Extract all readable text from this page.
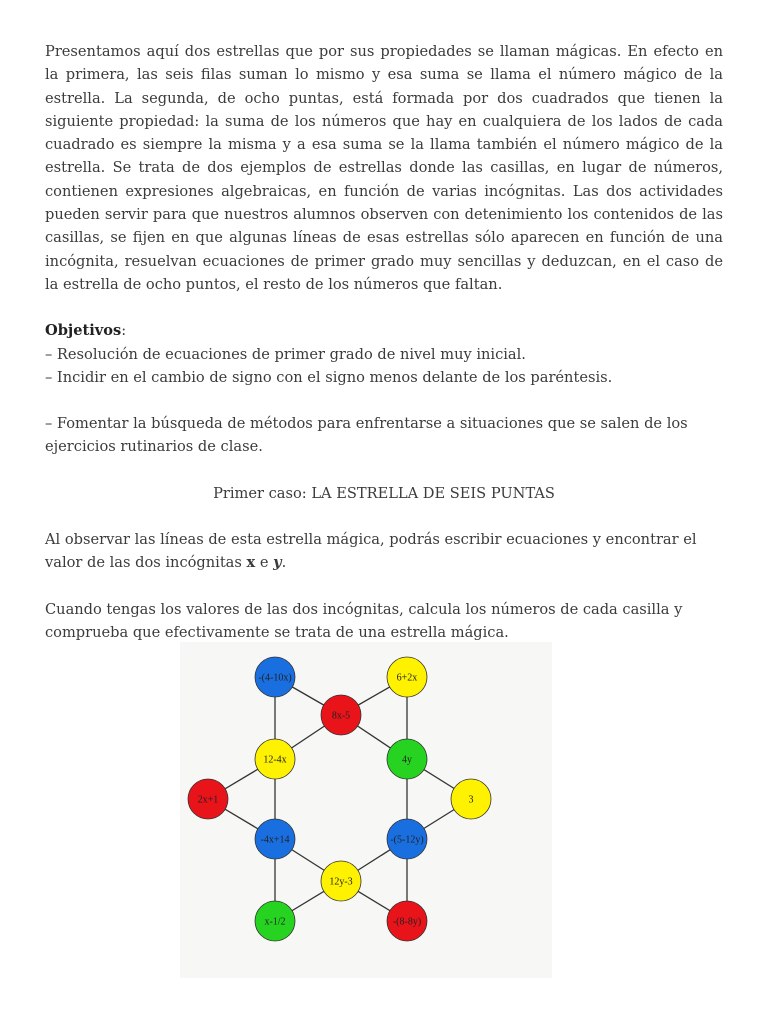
Presentamos aquí dos estrellas que por sus propiedades se llaman mágicas. En efecto en la primera, las seis filas suman lo mismo y esa suma se llama el número mágico de la estrella. La segunda, de ocho puntas, está formada por dos cuadrados que tienen la siguiente propiedad: la suma de los números que hay en cualquiera de los lados de cada cuadrado es siempre la misma y a esa suma se la llama también el número mágico de la estrella. Se trata de dos ejemplos de estrellas donde las casillas, en lugar de números, contienen expresiones algebraicas, en función de varias incógnitas. Las dos actividades pueden servir para que nuestros alumnos observen con detenimiento los contenidos de las casillas, se fijen en que algunas líneas de esas estrellas sólo aparecen en función de una incógnita, resuelvan ecuaciones de primer grado muy sencillas y deduzcan, en el caso de la estrella de ocho puntos, el resto de los números que faltan.

Objetivos:

– Resolución de ecuaciones de primer grado de nivel muy inicial.

– Incidir en el cambio de signo con el signo menos delante de los paréntesis.

– Fomentar la búsqueda de métodos para enfrentarse a situaciones que se salen de los ejercicios rutinarios de clase.

Primer caso: LA ESTRELLA DE SEIS PUNTAS

Al observar las líneas de esta estrella mágica, podrás escribir ecuaciones y encontrar el valor de las dos incógnitas x e y.

Cuando tengas los valores de las dos incógnitas, calcula los números de cada casilla y comprueba que efectivamente se trata de una estrella mágica.

-(4-10x)	6+2x
8x-5
12-4x	4y
2x+1	3
-4x+14	-(5-12y)
12y-3
x-1/2	-(8-8y)
